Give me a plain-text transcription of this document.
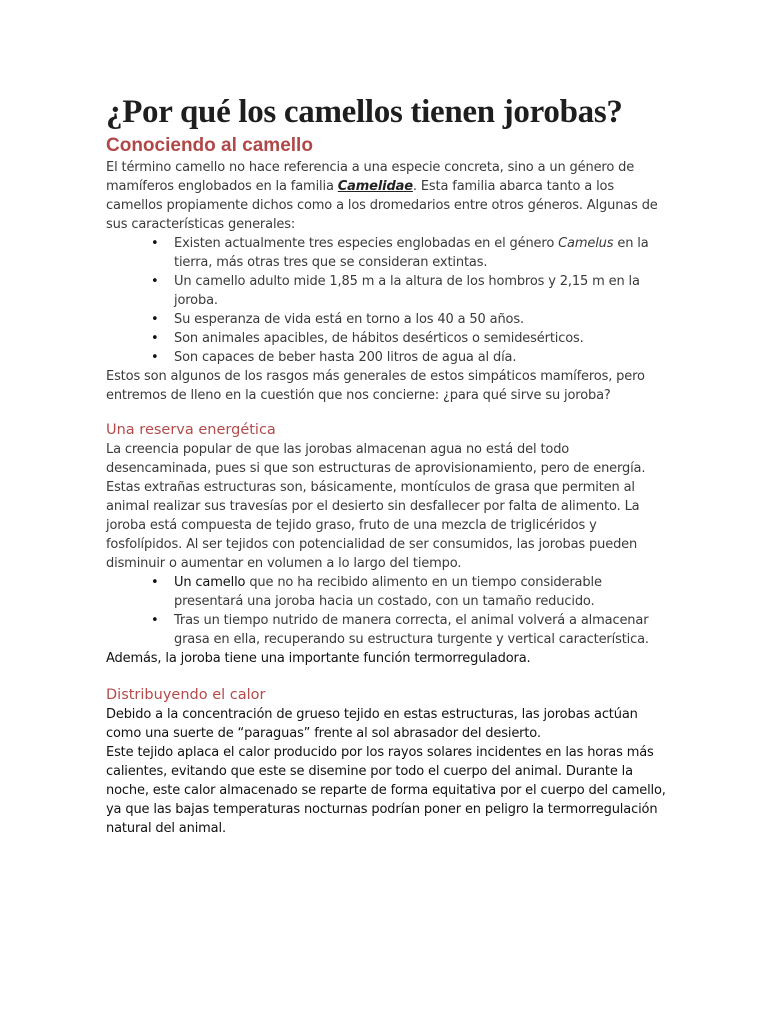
¿Por qué los camellos tienen jorobas?
Conociendo al camello

El término camello no hace referencia a una especie concreta, sino a un género de mamíferos englobados en la familia Camelidae. Esta familia abarca tanto a los camellos propiamente dichos como a los dromedarios entre otros géneros. Algunas de sus características generales:

• Existen actualmente tres especies englobadas en el género Camelus en la tierra, más otras tres que se consideran extintas.
• Un camello adulto mide 1,85 m a la altura de los hombros y 2,15 m en la joroba.
• Su esperanza de vida está en torno a los 40 a 50 años.
• Son animales apacibles, de hábitos desérticos o semidesérticos.
• Son capaces de beber hasta 200 litros de agua al día.

Estos son algunos de los rasgos más generales de estos simpáticos mamíferos, pero entremos de lleno en la cuestión que nos concierne: ¿para qué sirve su joroba?

Una reserva energética

La creencia popular de que las jorobas almacenan agua no está del todo desencaminada, pues si que son estructuras de aprovisionamiento, pero de energía.

Estas extrañas estructuras son, básicamente, montículos de grasa que permiten al animal realizar sus travesías por el desierto sin desfallecer por falta de alimento. La joroba está compuesta de tejido graso, fruto de una mezcla de triglicéridos y fosfolípidos. Al ser tejidos con potencialidad de ser consumidos, las jorobas pueden disminuir o aumentar en volumen a lo largo del tiempo.

• Un camello que no ha recibido alimento en un tiempo considerable presentará una joroba hacia un costado, con un tamaño reducido.
• Tras un tiempo nutrido de manera correcta, el animal volverá a almacenar grasa en ella, recuperando su estructura turgente y vertical característica.

Además, la joroba tiene una importante función termorreguladora.

Distribuyendo el calor

Debido a la concentración de grueso tejido en estas estructuras, las jorobas actúan como una suerte de “paraguas” frente al sol abrasador del desierto.

Este tejido aplaca el calor producido por los rayos solares incidentes en las horas más calientes, evitando que este se disemine por todo el cuerpo del animal. Durante la noche, este calor almacenado se reparte de forma equitativa por el cuerpo del camello, ya que las bajas temperaturas nocturnas podrían poner en peligro la termorregulación natural del animal.
